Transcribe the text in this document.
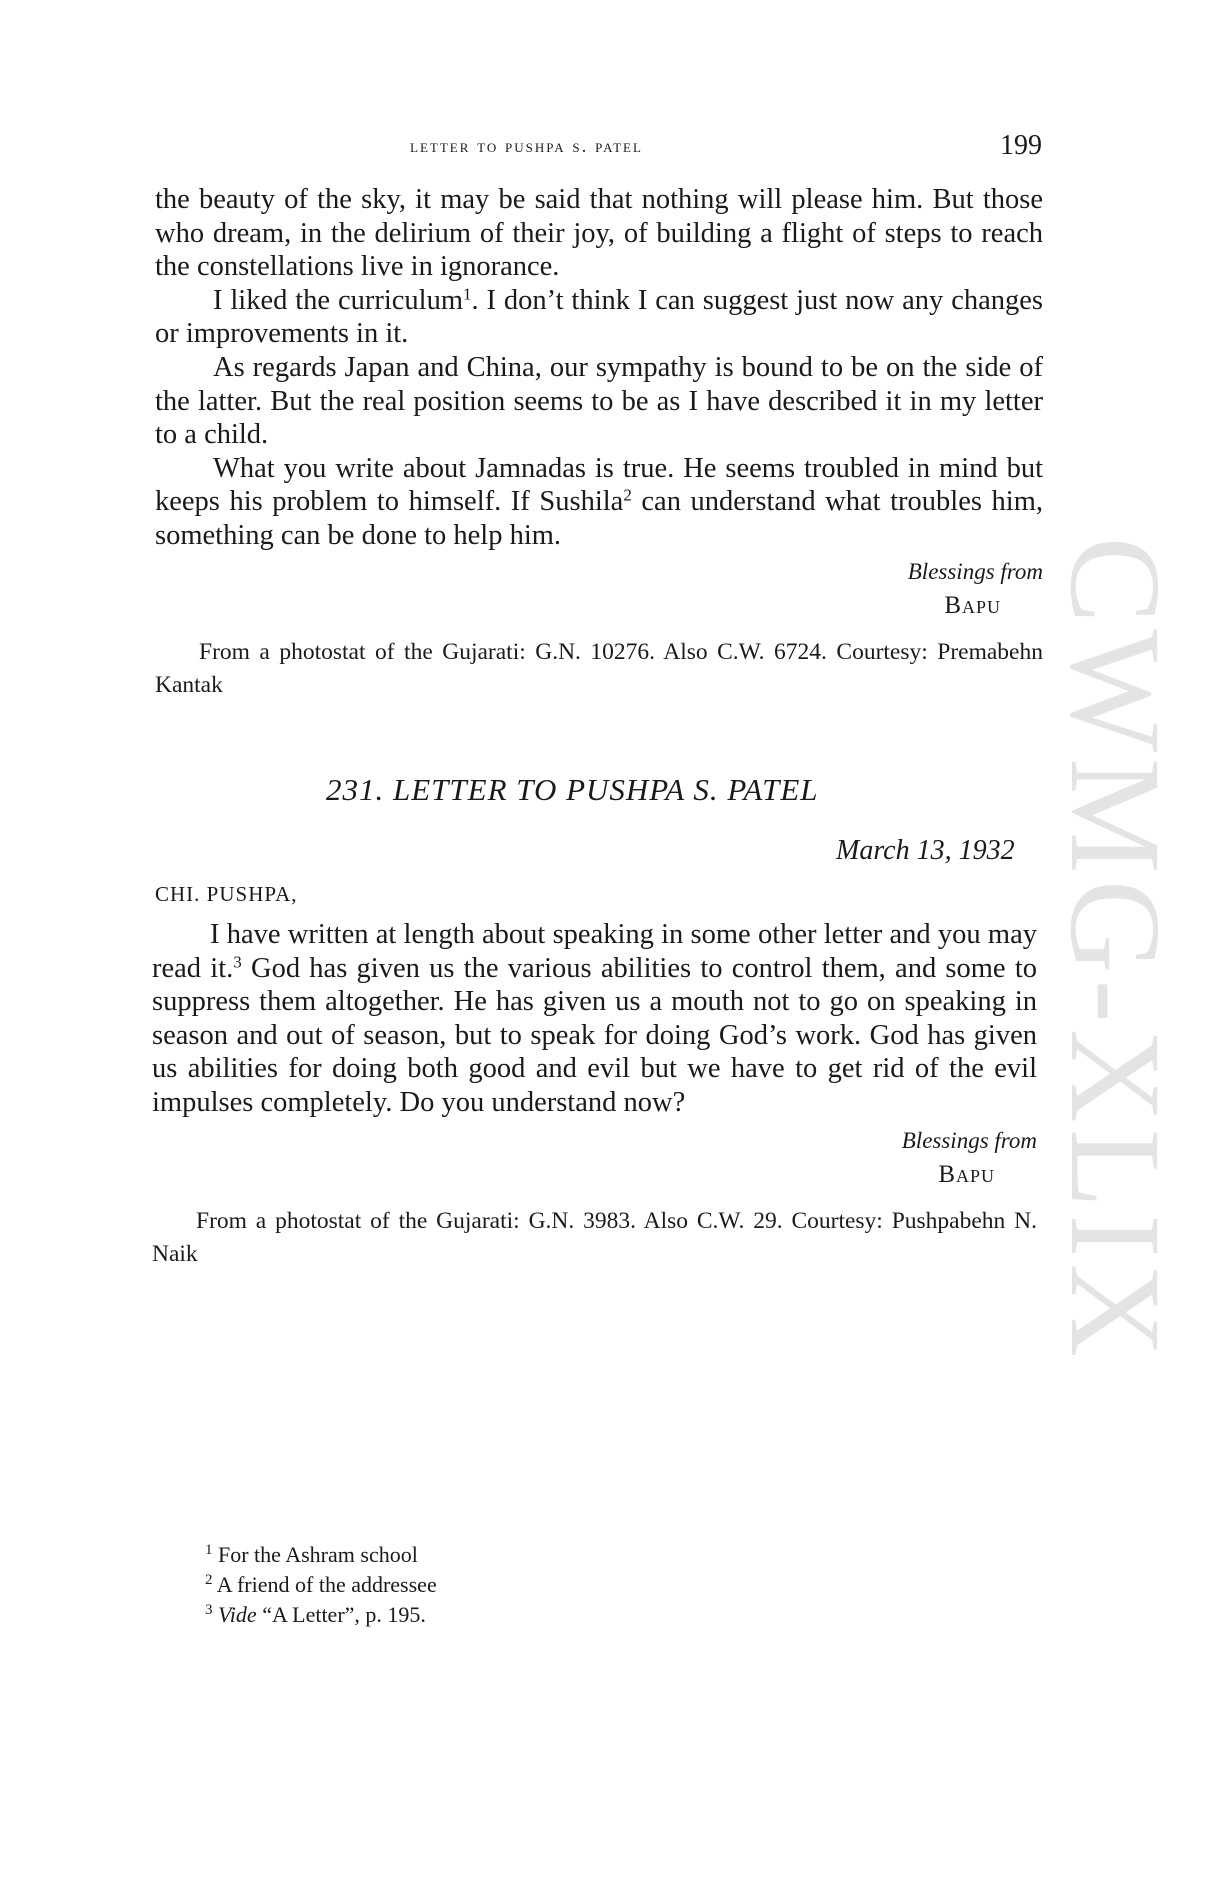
letter to pushpa s. patel	199

the beauty of the sky, it may be said that nothing will please him. But those who dream, in the delirium of their joy, of building a flight of steps to reach the constellations live in ignorance.

I liked the curriculum$^1$. I don’t think I can suggest just now any changes or improvements in it.

As regards Japan and China, our sympathy is bound to be on the side of the latter. But the real position seems to be as I have described it in my letter to a child.

What you write about Jamnadas is true. He seems troubled in mind but keeps his problem to himself. If Sushila$^2$ can understand what troubles him, something can be done to help him.

Blessings from
Bapu

From a photostat of the Gujarati: G.N. 10276. Also C.W. 6724. Courtesy: Premabehn Kantak

231. LETTER TO PUSHPA S. PATEL
March 13, 1932
CHI. PUSHPA,

I have written at length about speaking in some other letter and you may read it.$^3$ God has given us the various abilities to control them, and some to suppress them altogether. He has given us a mouth not to go on speaking in season and out of season, but to speak for doing God’s work. God has given us abilities for doing both good and evil but we have to get rid of the evil impulses completely. Do you understand now?

Blessings from
Bapu

From a photostat of the Gujarati: G.N. 3983. Also C.W. 29. Courtesy: Pushpabehn N. Naik

$^1$ For the Ashram school
$^2$ A friend of the addressee
$^3$ Vide “A Letter”, p. 195.
CWMG-XLIX
